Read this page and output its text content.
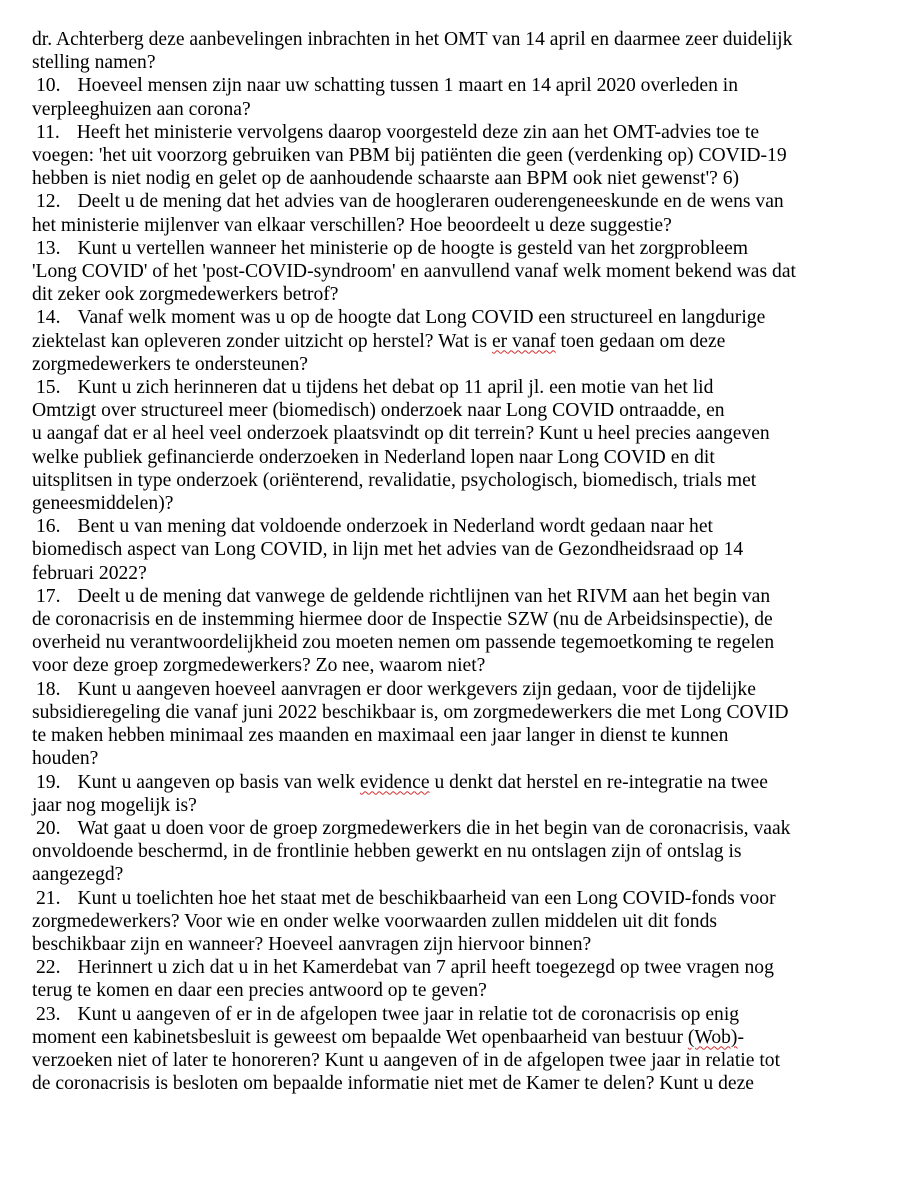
dr. Achterberg deze aanbevelingen inbrachten in het OMT van 14 april en daarmee zeer duidelijk
stelling namen?
10. Hoeveel mensen zijn naar uw schatting tussen 1 maart en 14 april 2020 overleden in
verpleeghuizen aan corona?
11. Heeft het ministerie vervolgens daarop voorgesteld deze zin aan het OMT-advies toe te
voegen: 'het uit voorzorg gebruiken van PBM bij patiënten die geen (verdenking op) COVID-19
hebben is niet nodig en gelet op de aanhoudende schaarste aan BPM ook niet gewenst'? 6)
12. Deelt u de mening dat het advies van de hoogleraren ouderengeneeskunde en de wens van
het ministerie mijlenver van elkaar verschillen? Hoe beoordeelt u deze suggestie?
13. Kunt u vertellen wanneer het ministerie op de hoogte is gesteld van het zorgprobleem
'Long COVID' of het 'post-COVID-syndroom' en aanvullend vanaf welk moment bekend was dat
dit zeker ook zorgmedewerkers betrof?
14. Vanaf welk moment was u op de hoogte dat Long COVID een structureel en langdurige
ziektelast kan opleveren zonder uitzicht op herstel? Wat is er vanaf toen gedaan om deze
zorgmedewerkers te ondersteunen?
15. Kunt u zich herinneren dat u tijdens het debat op 11 april jl. een motie van het lid
Omtzigt over structureel meer (biomedisch) onderzoek naar Long COVID ontraadde, en
u aangaf dat er al heel veel onderzoek plaatsvindt op dit terrein? Kunt u heel precies aangeven
welke publiek gefinancierde onderzoeken in Nederland lopen naar Long COVID en dit
uitsplitsen in type onderzoek (oriënterend, revalidatie, psychologisch, biomedisch, trials met
geneesmiddelen)?
16. Bent u van mening dat voldoende onderzoek in Nederland wordt gedaan naar het
biomedisch aspect van Long COVID, in lijn met het advies van de Gezondheidsraad op 14
februari 2022?
17. Deelt u de mening dat vanwege de geldende richtlijnen van het RIVM aan het begin van
de coronacrisis en de instemming hiermee door de Inspectie SZW (nu de Arbeidsinspectie), de
overheid nu verantwoordelijkheid zou moeten nemen om passende tegemoetkoming te regelen
voor deze groep zorgmedewerkers? Zo nee, waarom niet?
18. Kunt u aangeven hoeveel aanvragen er door werkgevers zijn gedaan, voor de tijdelijke
subsidieregeling die vanaf juni 2022 beschikbaar is, om zorgmedewerkers die met Long COVID
te maken hebben minimaal zes maanden en maximaal een jaar langer in dienst te kunnen
houden?
19. Kunt u aangeven op basis van welk evidence u denkt dat herstel en re-integratie na twee
jaar nog mogelijk is?
20. Wat gaat u doen voor de groep zorgmedewerkers die in het begin van de coronacrisis, vaak
onvoldoende beschermd, in de frontlinie hebben gewerkt en nu ontslagen zijn of ontslag is
aangezegd?
21. Kunt u toelichten hoe het staat met de beschikbaarheid van een Long COVID-fonds voor
zorgmedewerkers? Voor wie en onder welke voorwaarden zullen middelen uit dit fonds
beschikbaar zijn en wanneer? Hoeveel aanvragen zijn hiervoor binnen?
22. Herinnert u zich dat u in het Kamerdebat van 7 april heeft toegezegd op twee vragen nog
terug te komen en daar een precies antwoord op te geven?
23. Kunt u aangeven of er in de afgelopen twee jaar in relatie tot de coronacrisis op enig
moment een kabinetsbesluit is geweest om bepaalde Wet openbaarheid van bestuur (Wob)-
verzoeken niet of later te honoreren? Kunt u aangeven of in de afgelopen twee jaar in relatie tot
de coronacrisis is besloten om bepaalde informatie niet met de Kamer te delen? Kunt u deze
